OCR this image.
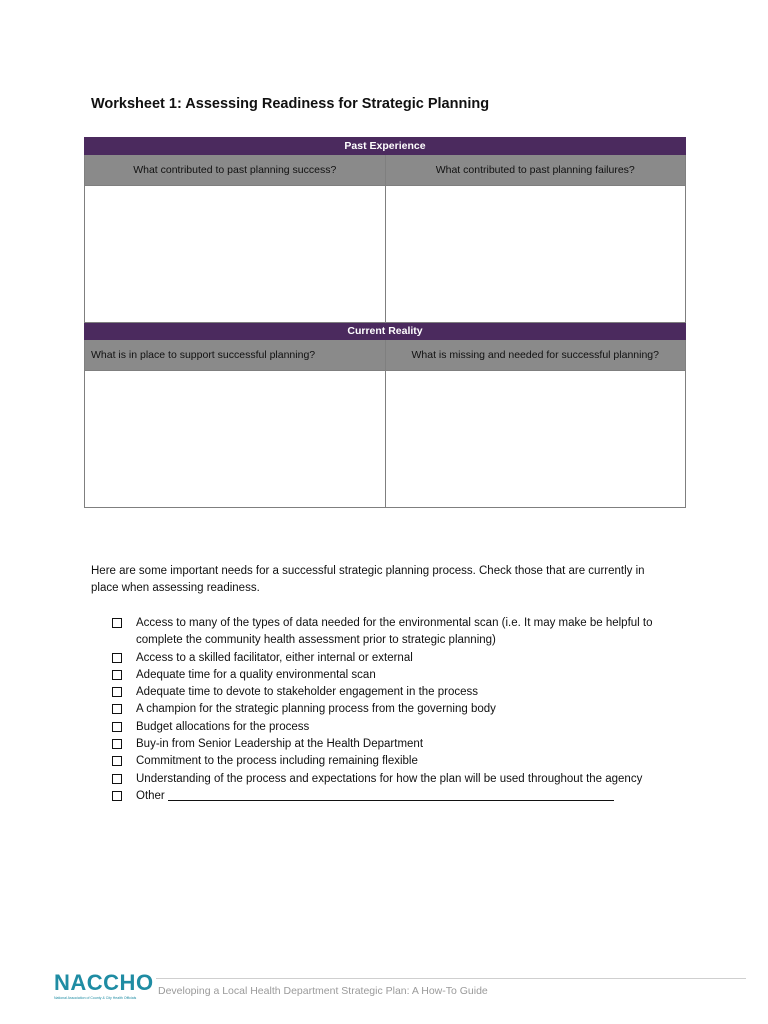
Worksheet 1: Assessing Readiness for Strategic Planning
Past Experience	
What contributed to past planning success?	What contributed to past planning failures?

Current Reality	
What is in place to support successful planning?	What is missing and needed for successful planning?

Here are some important needs for a successful strategic planning process. Check those that are currently in place when assessing readiness.
Access to many of the types of data needed for the environmental scan (i.e. It may make be helpful to complete the community health assessment prior to strategic planning)
Access to a skilled facilitator, either internal or external
Adequate time for a quality environmental scan
Adequate time to devote to stakeholder engagement in the process
A champion for the strategic planning process from the governing body
Budget allocations for the process
Buy-in from Senior Leadership at the Health Department
Commitment to the process including remaining flexible
Understanding of the process and expectations for how the plan will be used throughout the agency
Other
NACCHO
National Association of County & City Health Officials
Developing a Local Health Department Strategic Plan: A How-To Guide
